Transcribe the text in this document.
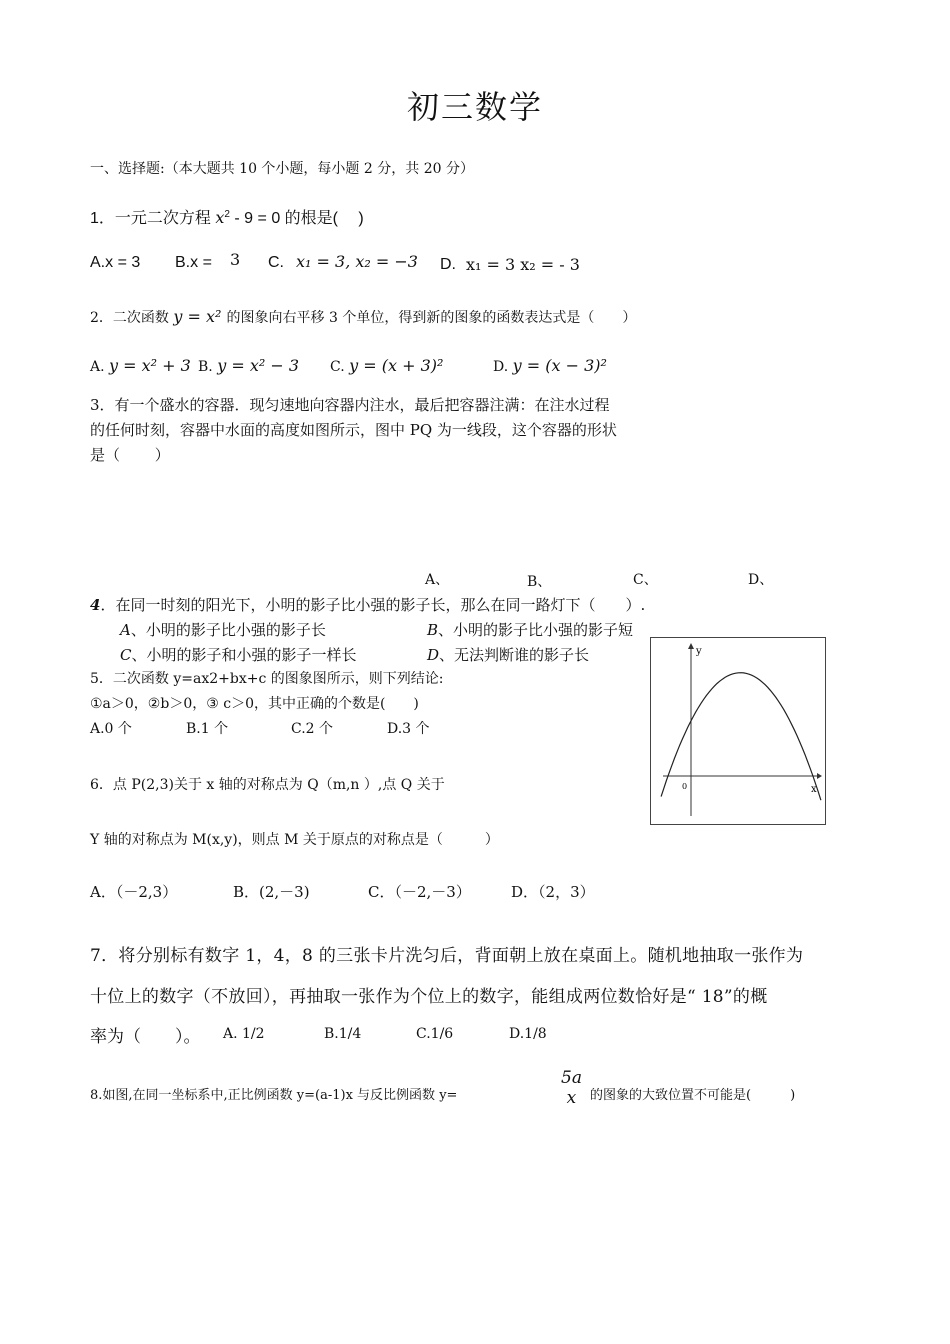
初三数学
一、选择题:（本大题共 10 个小题，每小题 2 分，共 20 分）
1．一元二次方程 $x^2 - 9 = 0$ 的根是(　 )
A.x = 3 B.x = 3 C. x₁ = 3, x₂ = −3 D. x₁ = 3 x₂ = - 3
2．二次函数 y = x² 的图象向右平移 3 个单位，得到新的图象的函数表达式是（　　）
A. y = x² + 3 B. y = x² − 3 C. y = (x + 3)²	D. y = (x − 3)²
3．有一个盛水的容器．现匀速地向容器内注水，最后把容器注满：在注水过程
的任何时刻，容器中水面的高度如图所示，图中 PQ 为一线段，这个容器的形状
是（　　 ）
A、	B、	C、	D、
4．在同一时刻的阳光下，小明的影子比小强的影子长，那么在同一路灯下（　　）.
A、小明的影子比小强的影子长	B、小明的影子比小强的影子短
C、小明的影子和小强的影子一样长	D、无法判断谁的影子长
5．二次函数 y=ax2+bx+c 的图象图所示，则下列结论:
①a＞0，②b＞0，③ c＞0，其中正确的个数是(　　)
A.0 个	B.1 个	C.2 个	D.3 个
y
x
0
6．点 P(2,3)关于 x 轴的对称点为 Q（m,n ）,点 Q 关于
Y 轴的对称点为 M(x,y)，则点 M 关于原点的对称点是（　　　）
A．（－2,3）	B．(2,－3)	C．（－2,－3）	D．（2，3）
7．将分别标有数字 1，4，8 的三张卡片洗匀后，背面朝上放在桌面上。随机地抽取一张作为
十位上的数字（不放回），再抽取一张作为个位上的数字，能组成两位数恰好是“ 18”的概
率为（　　）。 A. 1/2	B.1/4	C.1/6	D.1/8
8.如图,在同一坐标系中,正比例函数 y=(a-1)x 与反比例函数 y=
5a
x	的图象的大致位置不可能是(　　　)
